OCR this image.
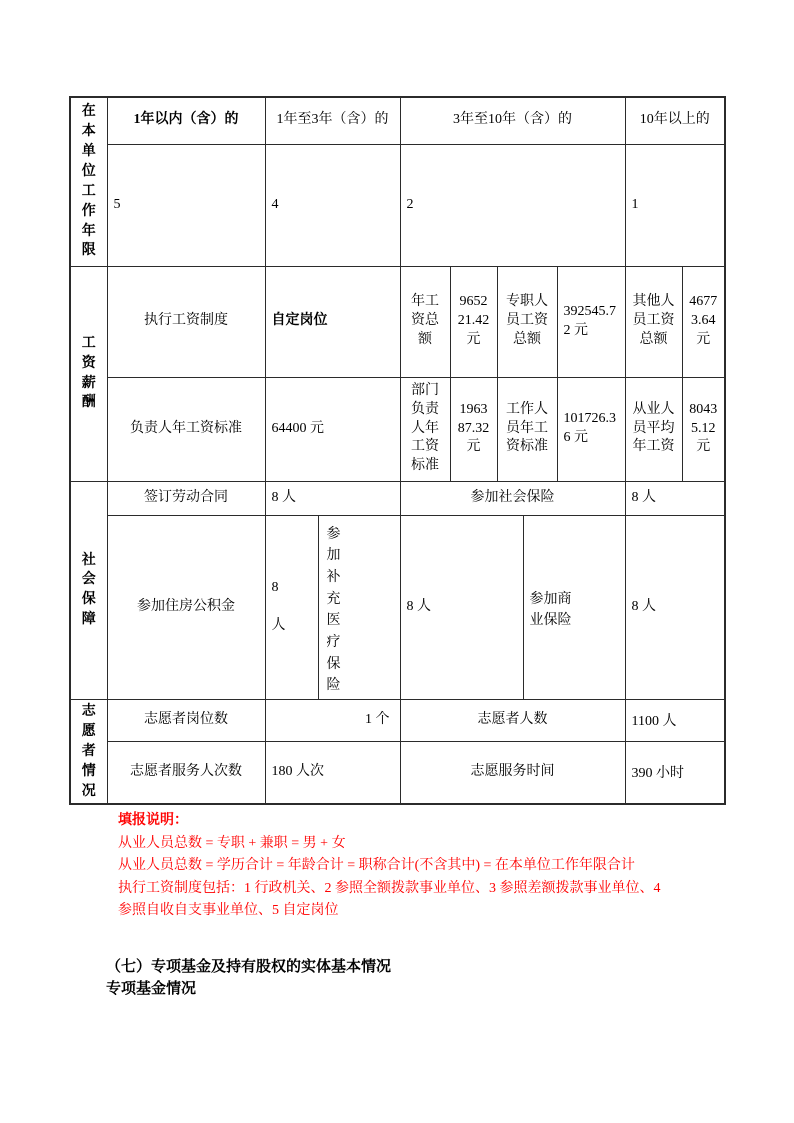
在本单位工作年限	1年以内（含）的	1年至3年（含）的		3年至10年（含）的					10年以上的	
	5	4		2					1	

工资薪酬	执行工资制度	自定岗位		年工资总额	965221.42 元	专职人员工资总额		392545.72 元	其他人员工资总额	46773.64 元
	负责人年工资标准	64400 元		部门负责人年工资标准	196387.32 元	工作人员年工资标准		101726.36 元	从业人员平均年工资	80435.12 元

社会保障	签订劳动合同	8 人		参加社会保险					8 人	
	参加住房公积金	8 人	参加补充医疗保险	8 人			参加商业保险		8 人	

志愿者情况	志愿者岗位数	1 个		志愿者人数					1100 人	
	志愿者服务人次数	180 人次		志愿服务时间					390 小时	
填报说明：
从业人员总数 = 专职 + 兼职 = 男 + 女
从业人员总数 = 学历合计 = 年龄合计 = 职称合计(不含其中) = 在本单位工作年限合计
执行工资制度包括：1 行政机关、2 参照全额拨款事业单位、3 参照差额拨款事业单位、4
参照自收自支事业单位、5 自定岗位
（七）专项基金及持有股权的实体基本情况
专项基金情况
